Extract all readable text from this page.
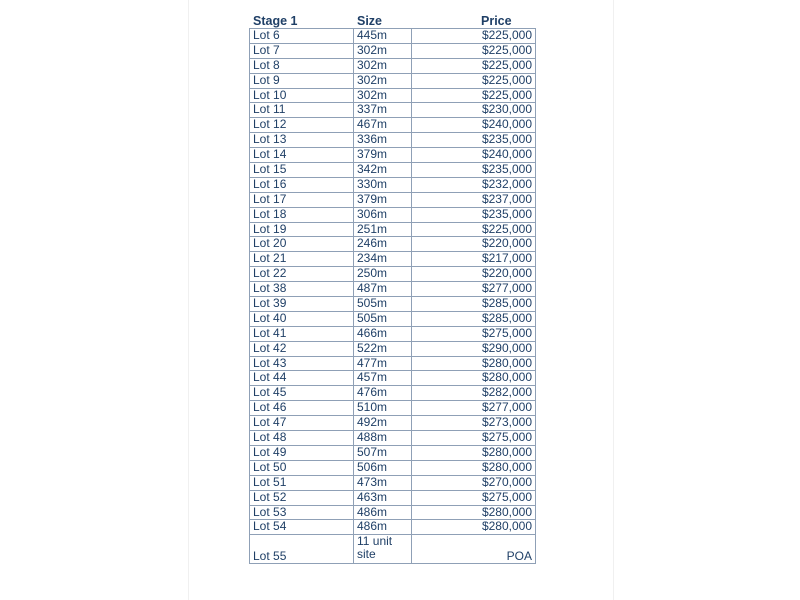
Stage 1	Size	Price
Lot 6	445m	$225,000
Lot 7	302m	$225,000
Lot 8	302m	$225,000
Lot 9	302m	$225,000
Lot 10	302m	$225,000
Lot 11	337m	$230,000
Lot 12	467m	$240,000
Lot 13	336m	$235,000
Lot 14	379m	$240,000
Lot 15	342m	$235,000
Lot 16	330m	$232,000
Lot 17	379m	$237,000
Lot 18	306m	$235,000
Lot 19	251m	$225,000
Lot 20	246m	$220,000
Lot 21	234m	$217,000
Lot 22	250m	$220,000
Lot 38	487m	$277,000
Lot 39	505m	$285,000
Lot 40	505m	$285,000
Lot 41	466m	$275,000
Lot 42	522m	$290,000
Lot 43	477m	$280,000
Lot 44	457m	$280,000
Lot 45	476m	$282,000
Lot 46	510m	$277,000
Lot 47	492m	$273,000
Lot 48	488m	$275,000
Lot 49	507m	$280,000
Lot 50	506m	$280,000
Lot 51	473m	$270,000
Lot 52	463m	$275,000
Lot 53	486m	$280,000
Lot 54	486m	$280,000
Lot 55	11 unit site	POA
